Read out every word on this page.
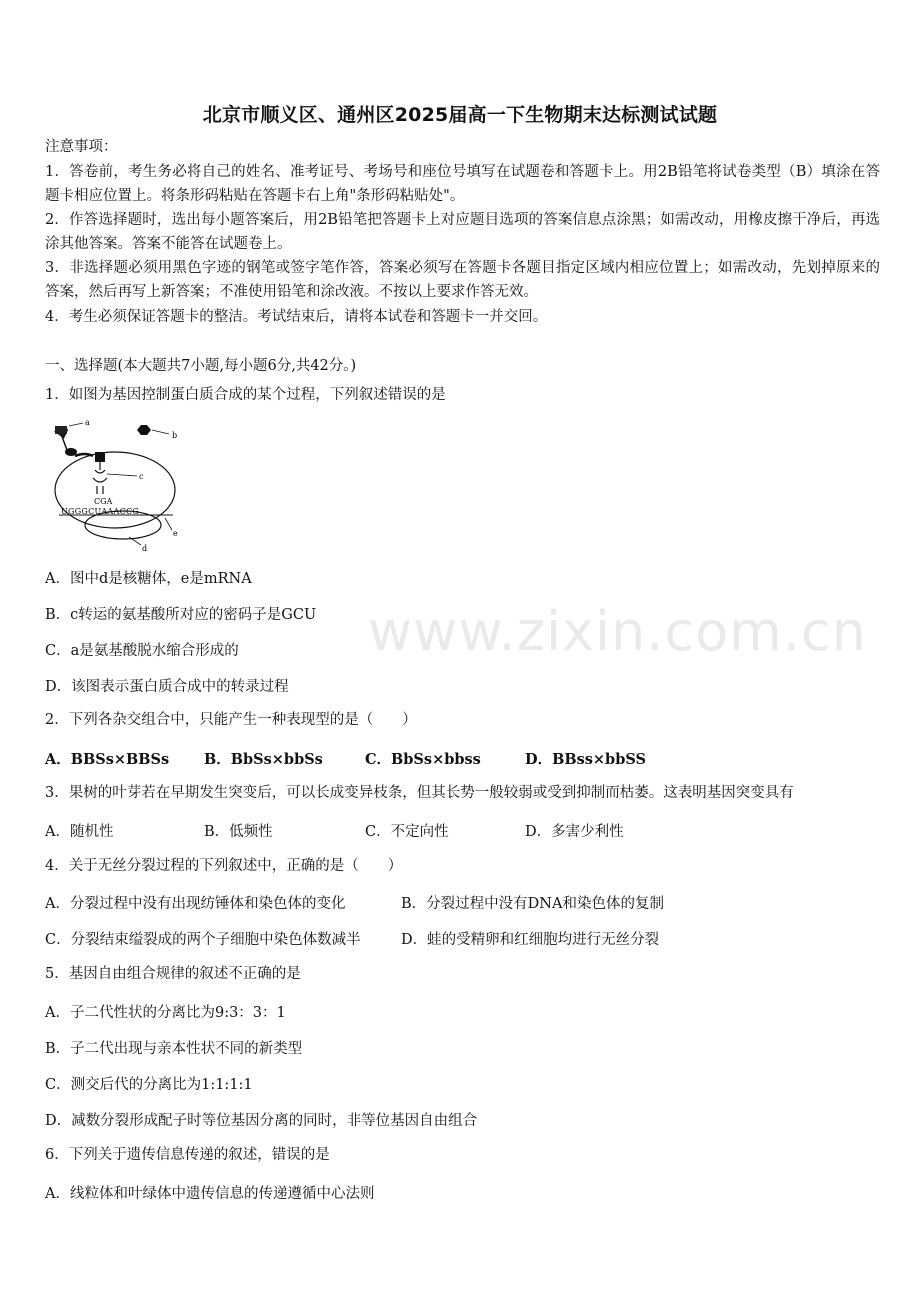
www.zixin.com.cn
北京市顺义区、通州区2025届高一下生物期末达标测试试题
注意事项：
1．答卷前，考生务必将自己的姓名、准考证号、考场号和座位号填写在试题卷和答题卡上。用2B铅笔将试卷类型（B）填涂在答题卡相应位置上。将条形码粘贴在答题卡右上角"条形码粘贴处"。
2．作答选择题时，选出每小题答案后，用2B铅笔把答题卡上对应题目选项的答案信息点涂黑；如需改动，用橡皮擦干净后，再选涂其他答案。答案不能答在试题卷上。
3．非选择题必须用黑色字迹的钢笔或签字笔作答，答案必须写在答题卡各题目指定区域内相应位置上；如需改动，先划掉原来的答案，然后再写上新答案；不准使用铅笔和涂改液。不按以上要求作答无效。
4．考生必须保证答题卡的整洁。考试结束后，请将本试卷和答题卡一并交回。
一、选择题(本大题共7小题,每小题6分,共42分。)
1．如图为基因控制蛋白质合成的某个过程，下列叙述错误的是
a
b
c
CGA
UGGGCUAAACCG
e
d
A．图中d是核糖体，e是mRNA
B．c转运的氨基酸所对应的密码子是GCU
C．a是氨基酸脱水缩合形成的
D．该图表示蛋白质合成中的转录过程
2．下列各杂交组合中，只能产生一种表现型的是（　　）
A．BBSs×BBSs B．BbSs×bbSs	C．BbSs×bbss	D．BBss×bbSS
3．果树的叶芽若在早期发生突变后，可以长成变异枝条，但其长势一般较弱或受到抑制而枯萎。这表明基因突变具有
A．随机性	B．低频性	C．不定向性	D．多害少利性
4．关于无丝分裂过程的下列叙述中，正确的是（　　）
A．分裂过程中没有出现纺锤体和染色体的变化	B．分裂过程中没有DNA和染色体的复制
C．分裂结束缢裂成的两个子细胞中染色体数减半	D．蛙的受精卵和红细胞均进行无丝分裂
5．基因自由组合规律的叙述不正确的是
A．子二代性状的分离比为9:3：3：1
B．子二代出现与亲本性状不同的新类型
C．测交后代的分离比为1:1:1:1
D．减数分裂形成配子时等位基因分离的同时，非等位基因自由组合
6．下列关于遗传信息传递的叙述，错误的是
A．线粒体和叶绿体中遗传信息的传递遵循中心法则
